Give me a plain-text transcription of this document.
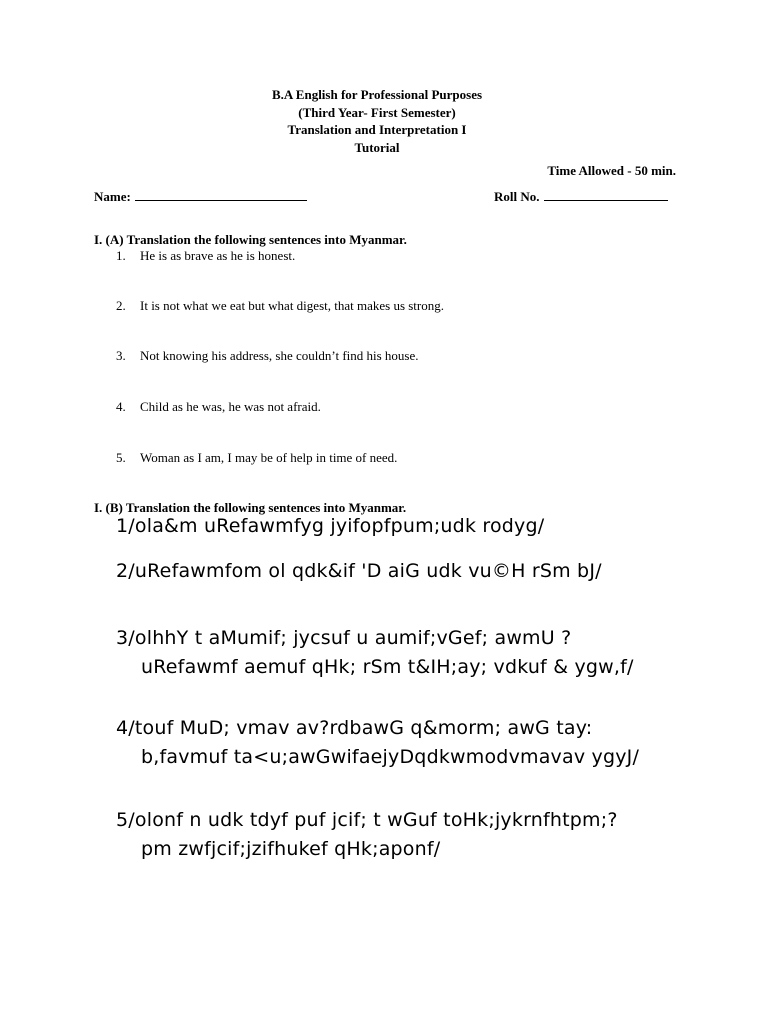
B.A English for Professional Purposes
(Third Year- First Semester)
Translation and Interpretation I
Tutorial
Time Allowed - 50 min.
Name:	Roll No.
I. (A) Translation the following sentences into Myanmar.
1. He is as brave as he is honest.
2. It is not what we eat but what digest, that makes us strong.
3. Not knowing his address, she couldn’t find his house.
4. Child as he was, he was not afraid.
5. Woman as I am, I may be of help in time of need.
I. (B) Translation the following sentences into Myanmar.
1/ola&m uRefawmfyg jyifopfpum;udk rodyg/
2/uRefawmfom ol qdk&if 'D aiG udk vu©H rSm bJ/
3/olhhY t aMumif; jycsuf u aumif;vGef; awmU ?
uRefawmf aemuf qHk; rSm t&IH;ay; vdkuf & ygw,f/
4/touf MuD; vmav av?rdbawG q&morm; awG tay:
b,favmuf ta<u;awGwifaejyDqdkwmodvmavav ygyJ/
5/olonf n udk tdyf puf jcif; t wGuf toHk;jykrnfhtpm;?
pm zwfjcif;jzifhukef qHk;aponf/
